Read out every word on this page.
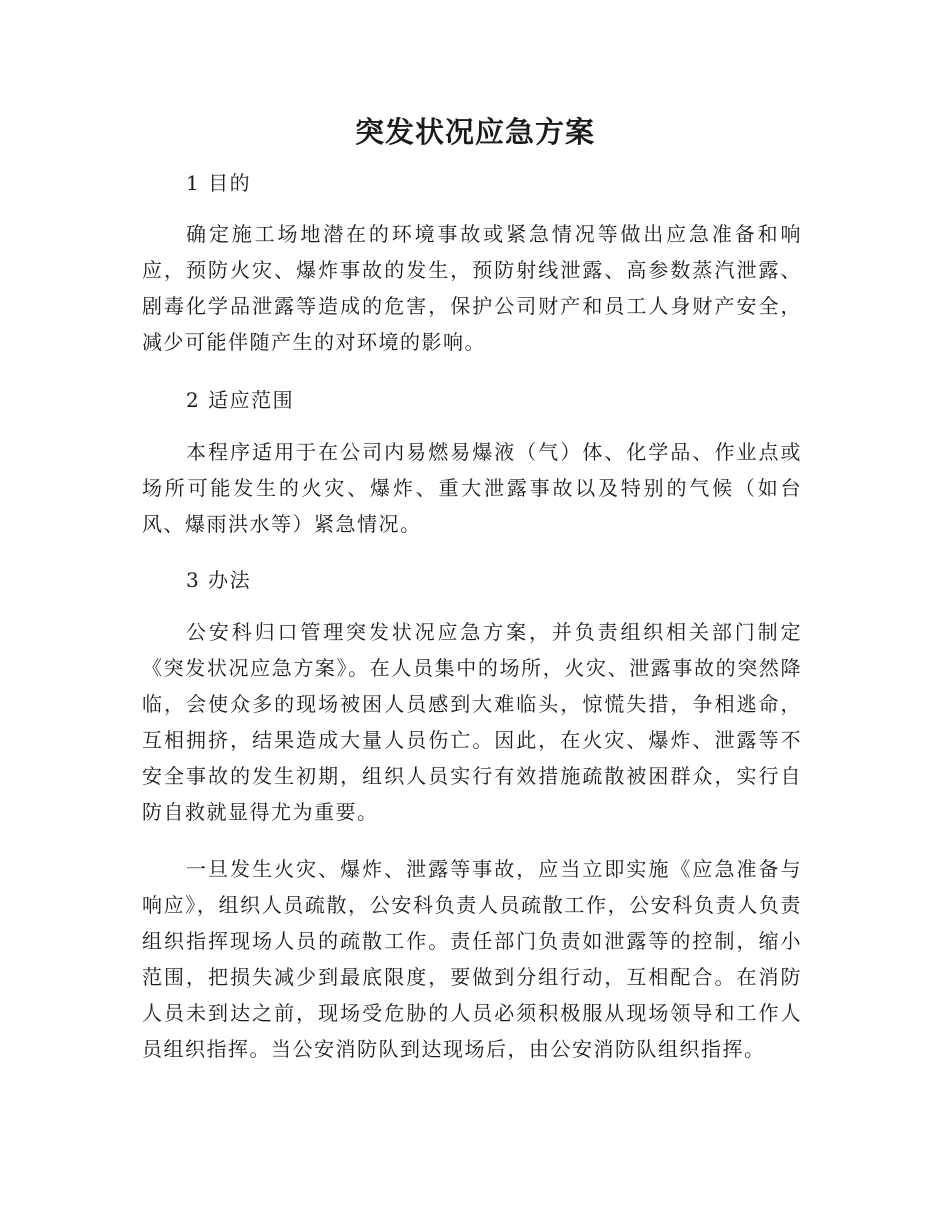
突发状况应急方案
1 目的
确定施工场地潜在的环境事故或紧急情况等做出应急准备和响应，预防火灾、爆炸事故的发生，预防射线泄露、高参数蒸汽泄露、剧毒化学品泄露等造成的危害，保护公司财产和员工人身财产安全，减少可能伴随产生的对环境的影响。
2 适应范围
本程序适用于在公司内易燃易爆液（气）体、化学品、作业点或场所可能发生的火灾、爆炸、重大泄露事故以及特别的气候（如台风、爆雨洪水等）紧急情况。
3 办法
公安科归口管理突发状况应急方案，并负责组织相关部门制定《突发状况应急方案》。在人员集中的场所，火灾、泄露事故的突然降临，会使众多的现场被困人员感到大难临头，惊慌失措，争相逃命，互相拥挤，结果造成大量人员伤亡。因此，在火灾、爆炸、泄露等不安全事故的发生初期，组织人员实行有效措施疏散被困群众，实行自防自救就显得尤为重要。
一旦发生火灾、爆炸、泄露等事故，应当立即实施《应急准备与响应》，组织人员疏散，公安科负责人员疏散工作，公安科负责人负责组织指挥现场人员的疏散工作。责任部门负责如泄露等的控制，缩小范围，把损失减少到最底限度，要做到分组行动，互相配合。在消防人员未到达之前，现场受危胁的人员必须积极服从现场领导和工作人员组织指挥。当公安消防队到达现场后，由公安消防队组织指挥。
